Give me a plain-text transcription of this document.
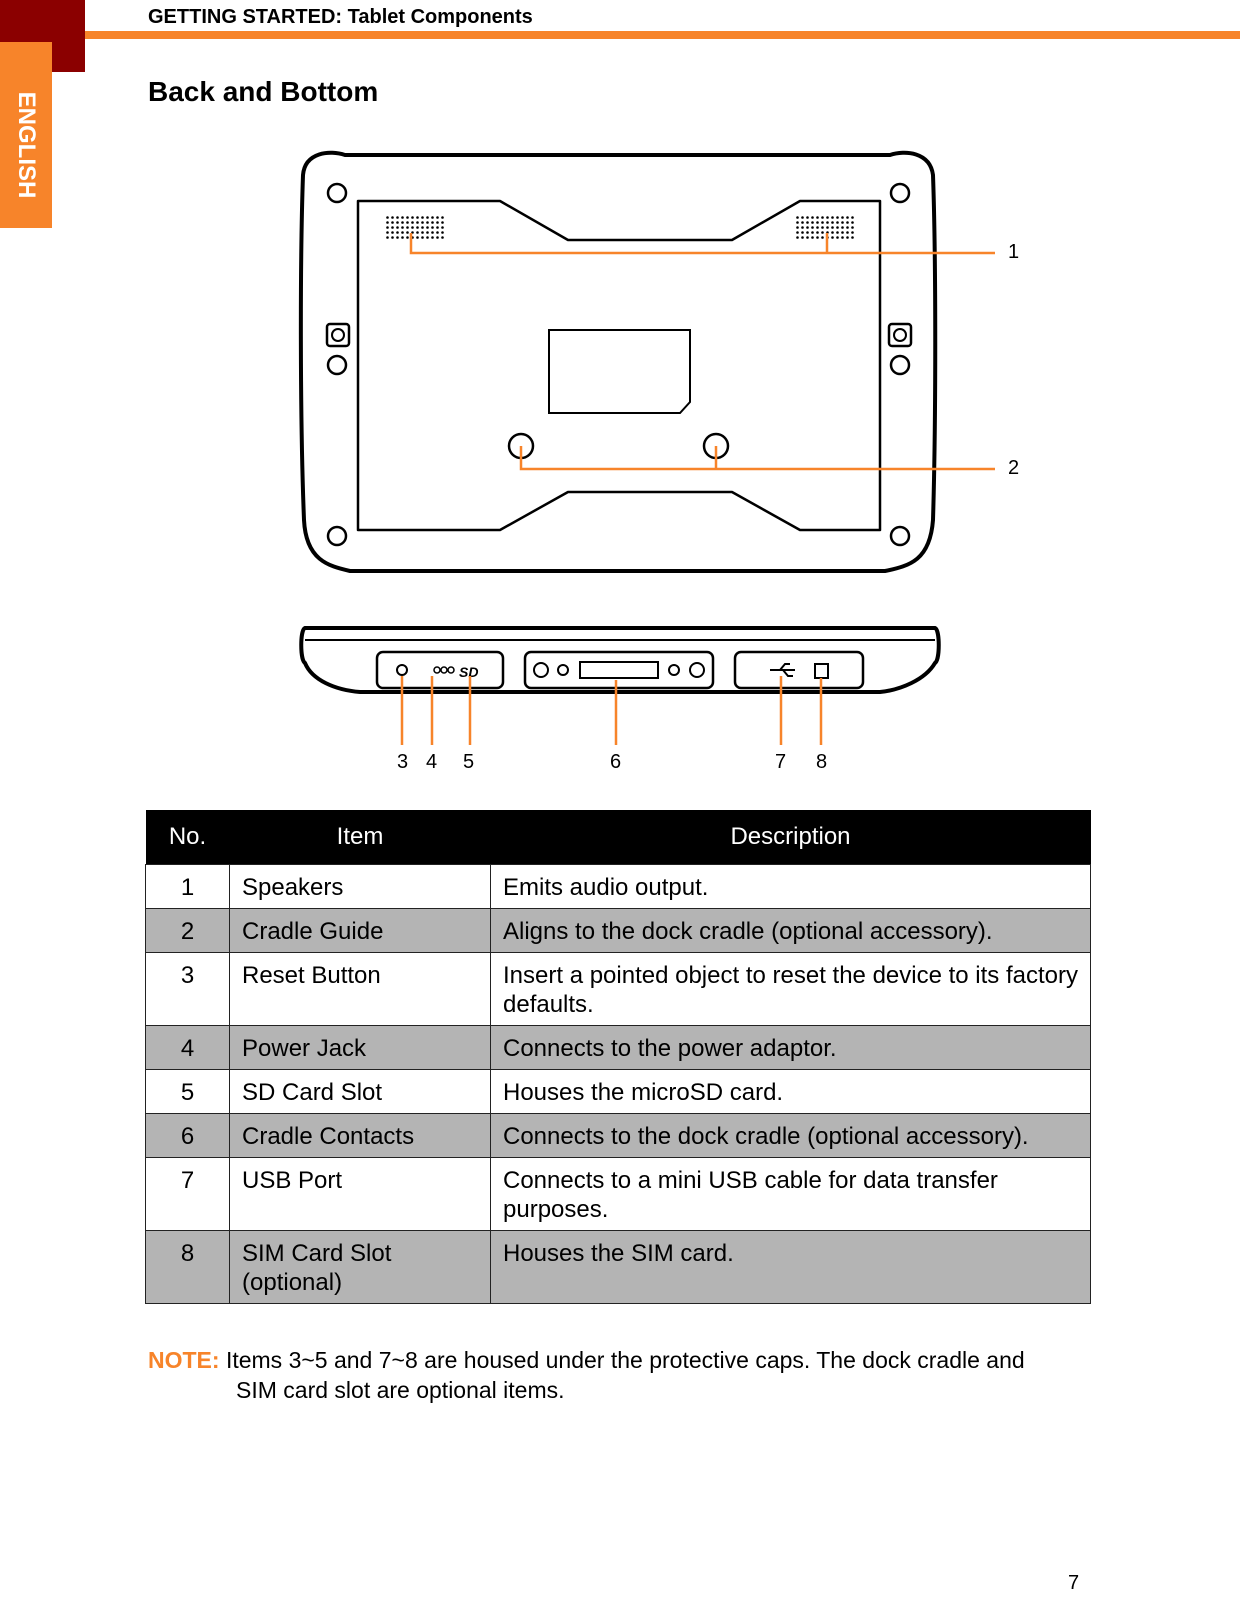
GETTING STARTED: Tablet Components
ENGLISH
Back and Bottom
1
2
SD
3 4 5	6	7 8
No.	Item	Description
1	Speakers	Emits audio output.
2	Cradle Guide	Aligns to the dock cradle (optional accessory).
3	Reset Button	Insert a pointed object to reset the device to its factory defaults.
4	Power Jack	Connects to the power adaptor.
5	SD Card Slot	Houses the microSD card.
6	Cradle Contacts	Connects to the dock cradle (optional accessory).
7	USB Port	Connects to a mini USB cable for data transfer purposes.
8	SIM Card Slot (optional)	Houses the SIM card.
NOTE: Items 3~5 and 7~8 are housed under the protective caps. The dock cradle and
SIM card slot are optional items.
7
